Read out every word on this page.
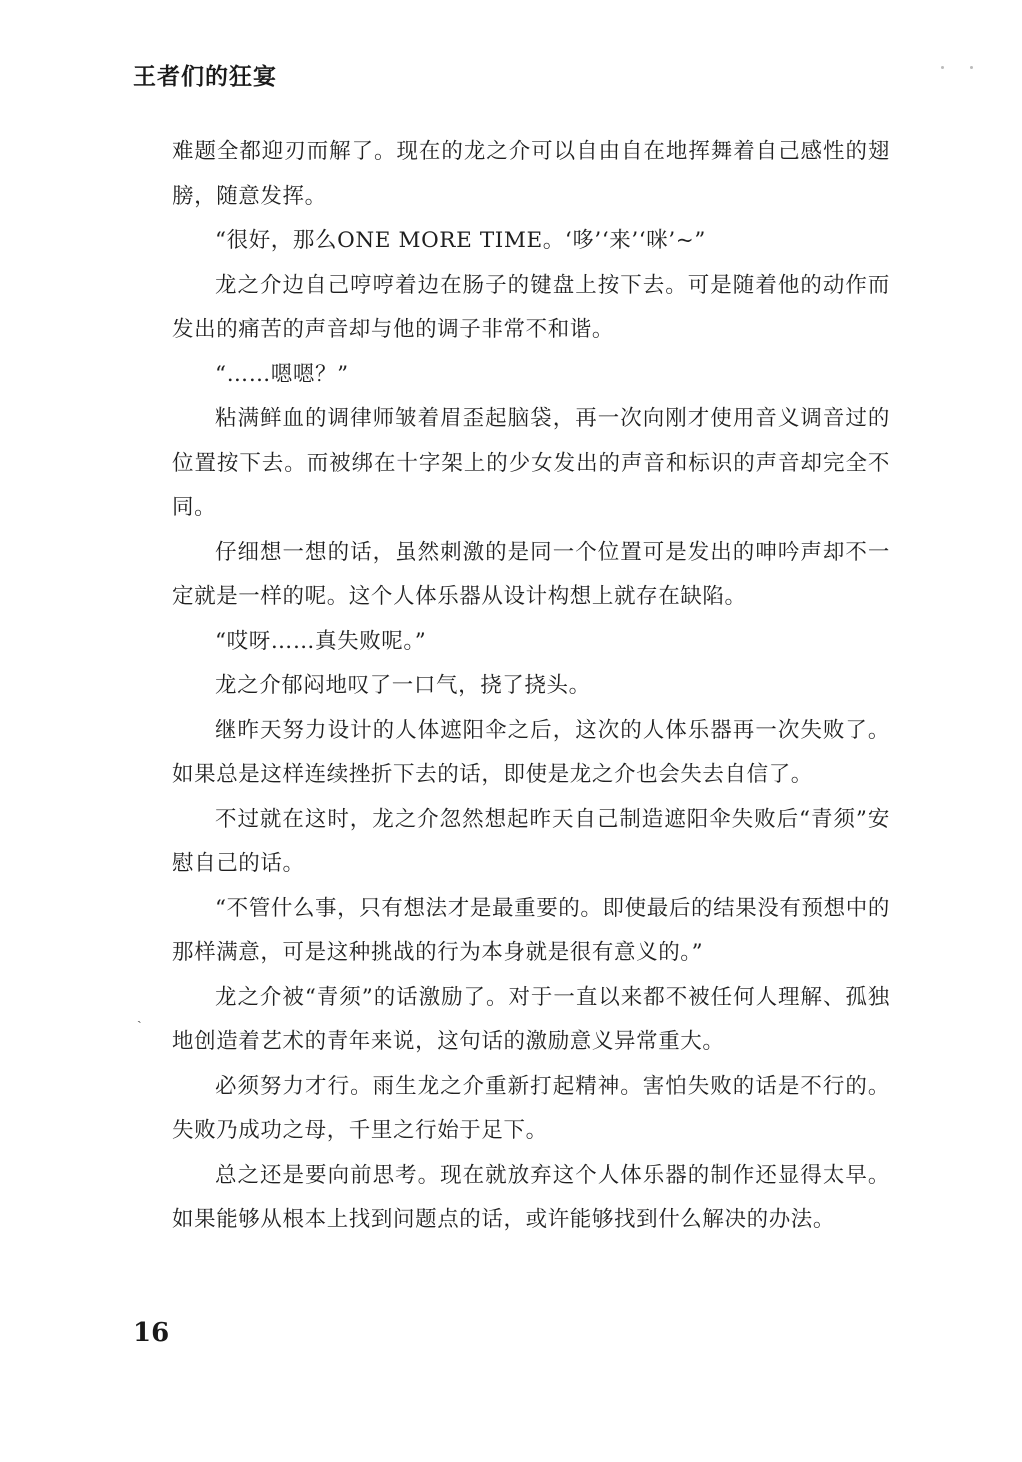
王者们的狂宴

难题全都迎刃而解了。现在的龙之介可以自由自在地挥舞着自己感性的翅膀，随意发挥。

“很好，那么ONE MORE TIME。‘哆’‘来’‘咪’~”

龙之介边自己哼哼着边在肠子的键盘上按下去。可是随着他的动作而发出的痛苦的声音却与他的调子非常不和谐。

“……嗯嗯？”

粘满鲜血的调律师皱着眉歪起脑袋，再一次向刚才使用音义调音过的位置按下去。而被绑在十字架上的少女发出的声音和标识的声音却完全不同。

仔细想一想的话，虽然刺激的是同一个位置可是发出的呻吟声却不一定就是一样的呢。这个人体乐器从设计构想上就存在缺陷。

“哎呀……真失败呢。”

龙之介郁闷地叹了一口气，挠了挠头。

继昨天努力设计的人体遮阳伞之后，这次的人体乐器再一次失败了。如果总是这样连续挫折下去的话，即使是龙之介也会失去自信了。

不过就在这时，龙之介忽然想起昨天自己制造遮阳伞失败后“青须”安慰自己的话。

“不管什么事，只有想法才是最重要的。即使最后的结果没有预想中的那样满意，可是这种挑战的行为本身就是很有意义的。”

龙之介被“青须”的话激励了。对于一直以来都不被任何人理解、孤独地创造着艺术的青年来说，这句话的激励意义异常重大。

必须努力才行。雨生龙之介重新打起精神。害怕失败的话是不行的。失败乃成功之母，千里之行始于足下。

总之还是要向前思考。现在就放弃这个人体乐器的制作还显得太早。如果能够从根本上找到问题点的话，或许能够找到什么解决的办法。

ˏ
16
